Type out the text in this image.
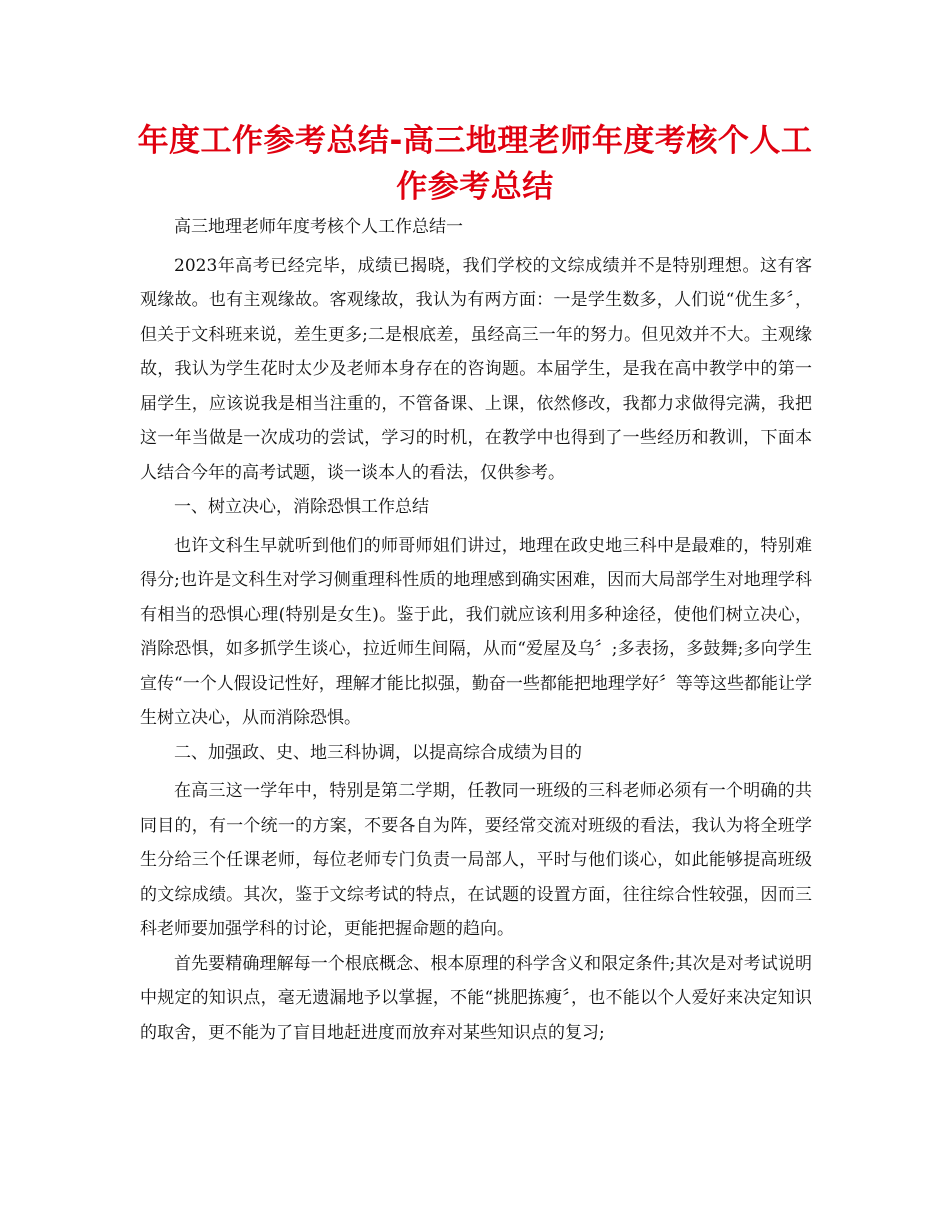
年度工作参考总结-高三地理老师年度考核个人工作参考总结

高三地理老师年度考核个人工作总结一

2023年高考已经完毕，成绩已揭晓，我们学校的文综成绩并不是特别理想。这有客观缘故。也有主观缘故。客观缘故，我认为有两方面：一是学生数多，人们说“优生多〞，但关于文科班来说，差生更多;二是根底差，虽经高三一年的努力。但见效并不大。主观缘故，我认为学生花时太少及老师本身存在的咨询题。本届学生，是我在高中教学中的第一届学生，应该说我是相当注重的，不管备课、上课，依然修改，我都力求做得完满，我把这一年当做是一次成功的尝试，学习的时机，在教学中也得到了一些经历和教训，下面本人结合今年的高考试题，谈一谈本人的看法，仅供参考。

一、树立决心，消除恐惧工作总结

也许文科生早就听到他们的师哥师姐们讲过，地理在政史地三科中是最难的，特别难得分;也许是文科生对学习侧重理科性质的地理感到确实困难，因而大局部学生对地理学科有相当的恐惧心理(特别是女生)。鉴于此，我们就应该利用多种途径，使他们树立决心，消除恐惧，如多抓学生谈心，拉近师生间隔，从而“爱屋及乌〞;多表扬，多鼓舞;多向学生宣传“一个人假设记性好，理解才能比拟强，勤奋一些都能把地理学好〞等等这些都能让学生树立决心，从而消除恐惧。

二、加强政、史、地三科协调，以提高综合成绩为目的

在高三这一学年中，特别是第二学期，任教同一班级的三科老师必须有一个明确的共同目的，有一个统一的方案，不要各自为阵，要经常交流对班级的看法，我认为将全班学生分给三个任课老师，每位老师专门负责一局部人，平时与他们谈心，如此能够提高班级的文综成绩。其次，鉴于文综考试的特点，在试题的设置方面，往往综合性较强，因而三科老师要加强学科的讨论，更能把握命题的趋向。

首先要精确理解每一个根底概念、根本原理的科学含义和限定条件;其次是对考试说明中规定的知识点，毫无遗漏地予以掌握，不能“挑肥拣瘦〞，也不能以个人爱好来决定知识的取舍，更不能为了盲目地赶进度而放弃对某些知识点的复习;
